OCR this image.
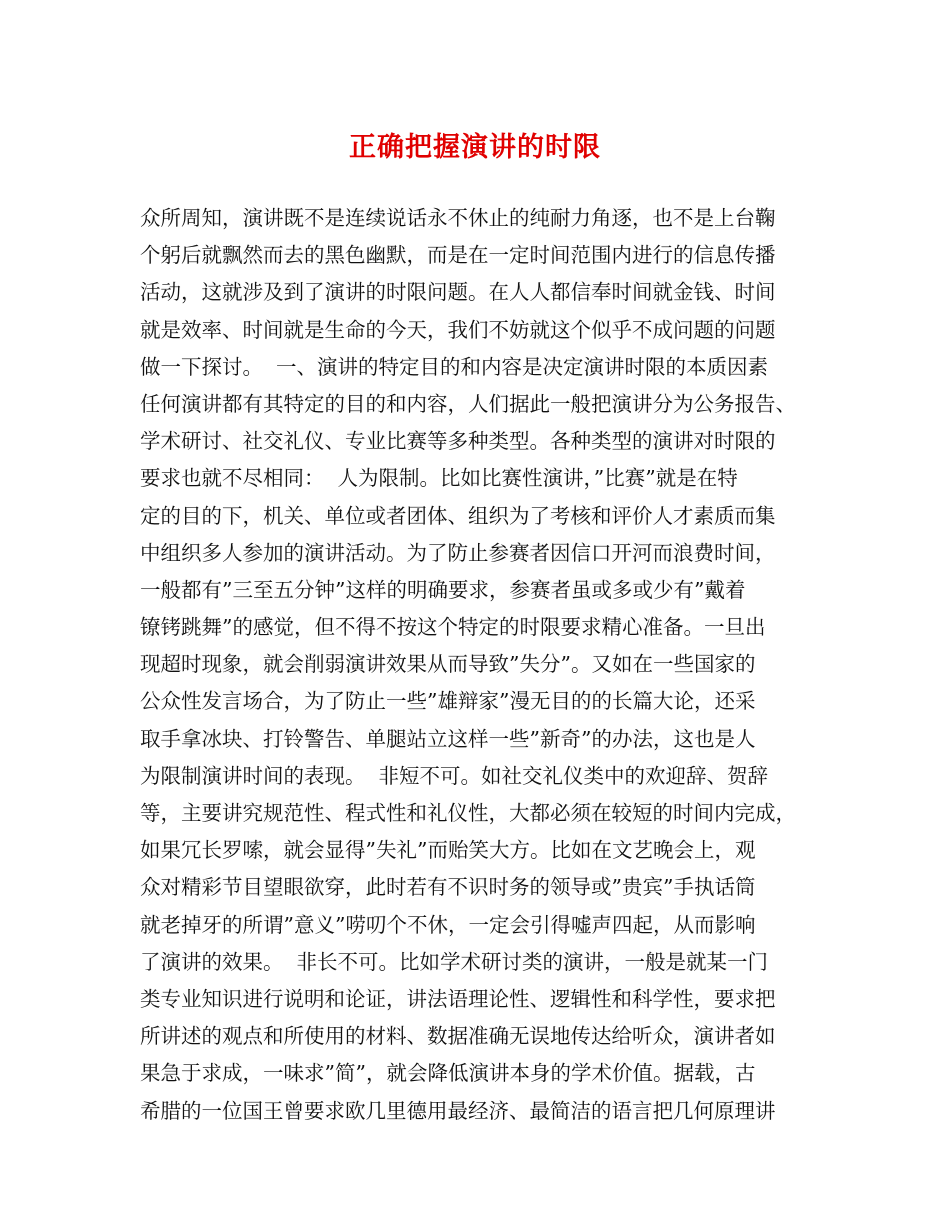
正确把握演讲的时限
众所周知，演讲既不是连续说话永不休止的纯耐力角逐，也不是上台鞠
个躬后就飘然而去的黑色幽默，而是在一定时间范围内进行的信息传播
活动，这就涉及到了演讲的时限问题。在人人都信奉时间就金钱、时间
就是效率、时间就是生命的今天，我们不妨就这个似乎不成问题的问题
做一下探讨。  一、演讲的特定目的和内容是决定演讲时限的本质因素
任何演讲都有其特定的目的和内容，人们据此一般把演讲分为公务报告、
学术研讨、社交礼仪、专业比赛等多种类型。各种类型的演讲对时限的
要求也就不尽相同：  人为限制。比如比赛性演讲，”比赛”就是在特
定的目的下，机关、单位或者团体、组织为了考核和评价人才素质而集
中组织多人参加的演讲活动。为了防止参赛者因信口开河而浪费时间，
一般都有”三至五分钟”这样的明确要求，参赛者虽或多或少有”戴着
镣铐跳舞”的感觉，但不得不按这个特定的时限要求精心准备。一旦出
现超时现象，就会削弱演讲效果从而导致”失分”。又如在一些国家的
公众性发言场合，为了防止一些”雄辩家”漫无目的的长篇大论，还采
取手拿冰块、打铃警告、单腿站立这样一些”新奇”的办法，这也是人
为限制演讲时间的表现。  非短不可。如社交礼仪类中的欢迎辞、贺辞
等，主要讲究规范性、程式性和礼仪性，大都必须在较短的时间内完成，
如果冗长罗嗦，就会显得”失礼”而贻笑大方。比如在文艺晚会上，观
众对精彩节目望眼欲穿，此时若有不识时务的领导或”贵宾”手执话筒
就老掉牙的所谓”意义”唠叨个不休，一定会引得嘘声四起，从而影响
了演讲的效果。  非长不可。比如学术研讨类的演讲，一般是就某一门
类专业知识进行说明和论证，讲法语理论性、逻辑性和科学性，要求把
所讲述的观点和所使用的材料、数据准确无误地传达给听众，演讲者如
果急于求成，一味求”简”，就会降低演讲本身的学术价值。据载，古
希腊的一位国王曾要求欧几里德用最经济、最简洁的语言把几何原理讲
